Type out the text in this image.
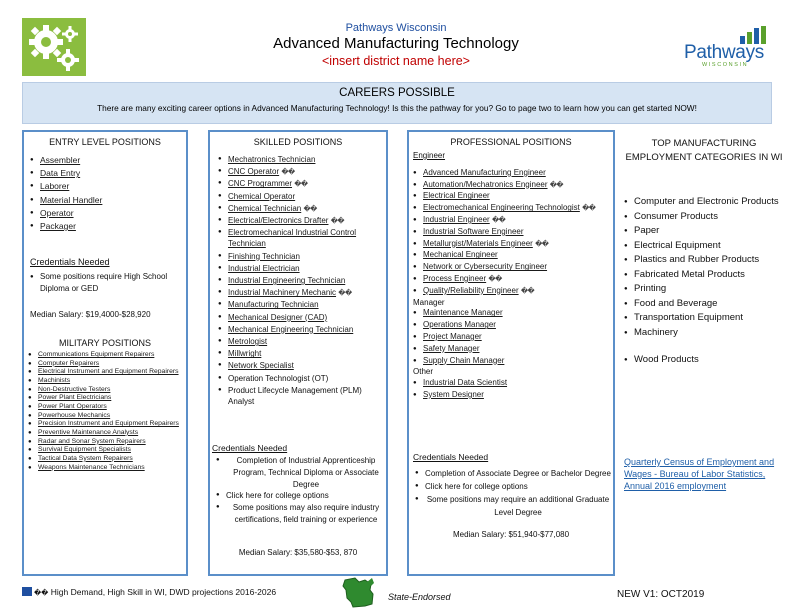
Pathways Wisconsin
Advanced Manufacturing Technology
<insert district name here>	Pathways
WISCONSIN
CAREERS POSSIBLE
There are many exciting career options in Advanced Manufacturing Technology! Is this the pathway for you? Go to page two to learn how you can get started NOW!
ENTRY LEVEL POSITIONS
● Assembler
● Data Entry
● Laborer
● Material Handler
● Operator
● Packager
Credentials Needed
● Some positions require High School Diploma or GED
Median Salary: $19,4000-$28,920
MILITARY POSITIONS
● Communications Equipment Repairers
● Computer Repairers
● Electrical Instrument and Equipment Repairers
● Machinists
● Non-Destructive Testers
● Power Plant Electricians
● Power Plant Operators
● Powerhouse Mechanics
● Precision Instrument and Equipment Repairers
● Preventive Maintenance Analysts
● Radar and Sonar System Repairers
● Survival Equipment Specialists
● Tactical Data System Repairers
● Weapons Maintenance Technicians
SKILLED POSITIONS
● Mechatronics Technician
● CNC Operator ��
● CNC Programmer ��
● Chemical Operator
● Chemical Technician ��
● Electrical/Electronics Drafter ��
● Electromechanical Industrial Control Technician
● Finishing Technician
● Industrial Electrician
● Industrial Engineering Technician
● Industrial Machinery Mechanic ��
● Manufacturing Technician
● Mechanical Designer (CAD)
● Mechanical Engineering Technician
● Metrologist
● Millwright
● Network Specialist
● Operation Technologist (OT)
● Product Lifecycle Management (PLM) Analyst
Credentials Needed
● Completion of Industrial Apprenticeship Program, Technical Diploma or Associate Degree
● Click here for college options
● Some positions may also require industry certifications, field training or experience
Median Salary: $35,580-$53, 870
PROFESSIONAL POSITIONS
Engineer
● Advanced Manufacturing Engineer
● Automation/Mechatronics Engineer ��
● Electrical Engineer
● Electromechanical Engineering Technologist ��
● Industrial Engineer ��
● Industrial Software Engineer
● Metallurgist/Materials Engineer ��
● Mechanical Engineer
● Network or Cybersecurity Engineer
● Process Engineer ��
● Quality/Reliability Engineer ��
Manager
● Maintenance Manager
● Operations Manager
● Project Manager
● Safety Manager
● Supply Chain Manager
Other
● Industrial Data Scientist
● System Designer
Credentials Needed
● Completion of Associate Degree or Bachelor Degree
● Click here for college options
● Some positions may require an additional Graduate Level Degree
Median Salary: $51,940-$77,080
TOP MANUFACTURING EMPLOYMENT CATEGORIES IN WI
● Computer and Electronic Products
● Consumer Products
● Paper
● Electrical Equipment
● Plastics and Rubber Products
● Fabricated Metal Products
● Printing
● Food and Beverage
● Transportation Equipment
● Machinery
● Wood Products
Quarterly Census of Employment and Wages - Bureau of Labor Statistics, Annual 2016 employment
�� High Demand, High Skill in WI, DWD projections 2016-2026	State-Endorsed	NEW V1: OCT2019
